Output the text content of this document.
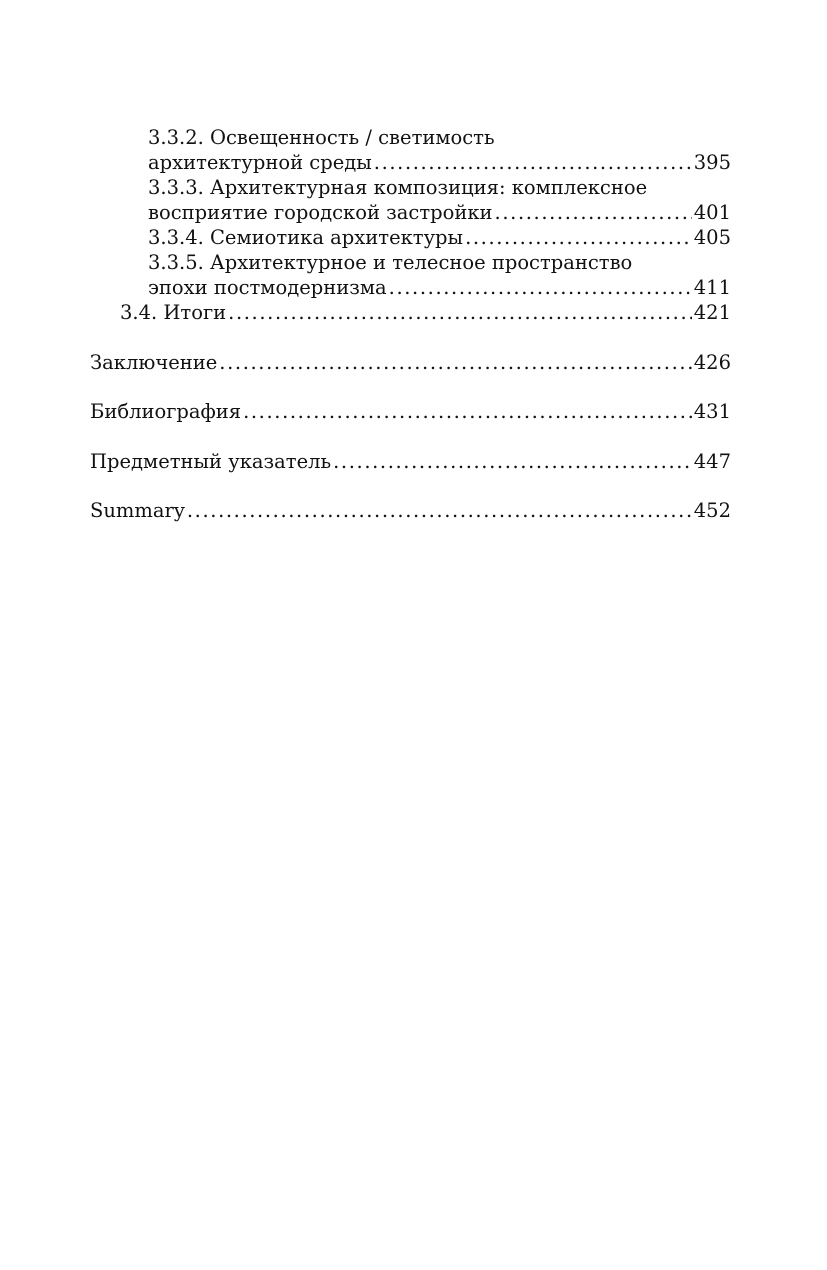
3.3.2. Освещенность / светимость
архитектурной среды .....	395
3.3.3. Архитектурная композиция: комплексное
восприятие городской застройки .....	401
3.3.4. Семиотика архитектуры .....	405
3.3.5. Архитектурное и телесное пространство
эпохи постмодернизма .....	411
3.4. Итоги .....	421
Заключение .....	426
Библиография .....	431
Предметный указатель .....	447
Summary .....	452
